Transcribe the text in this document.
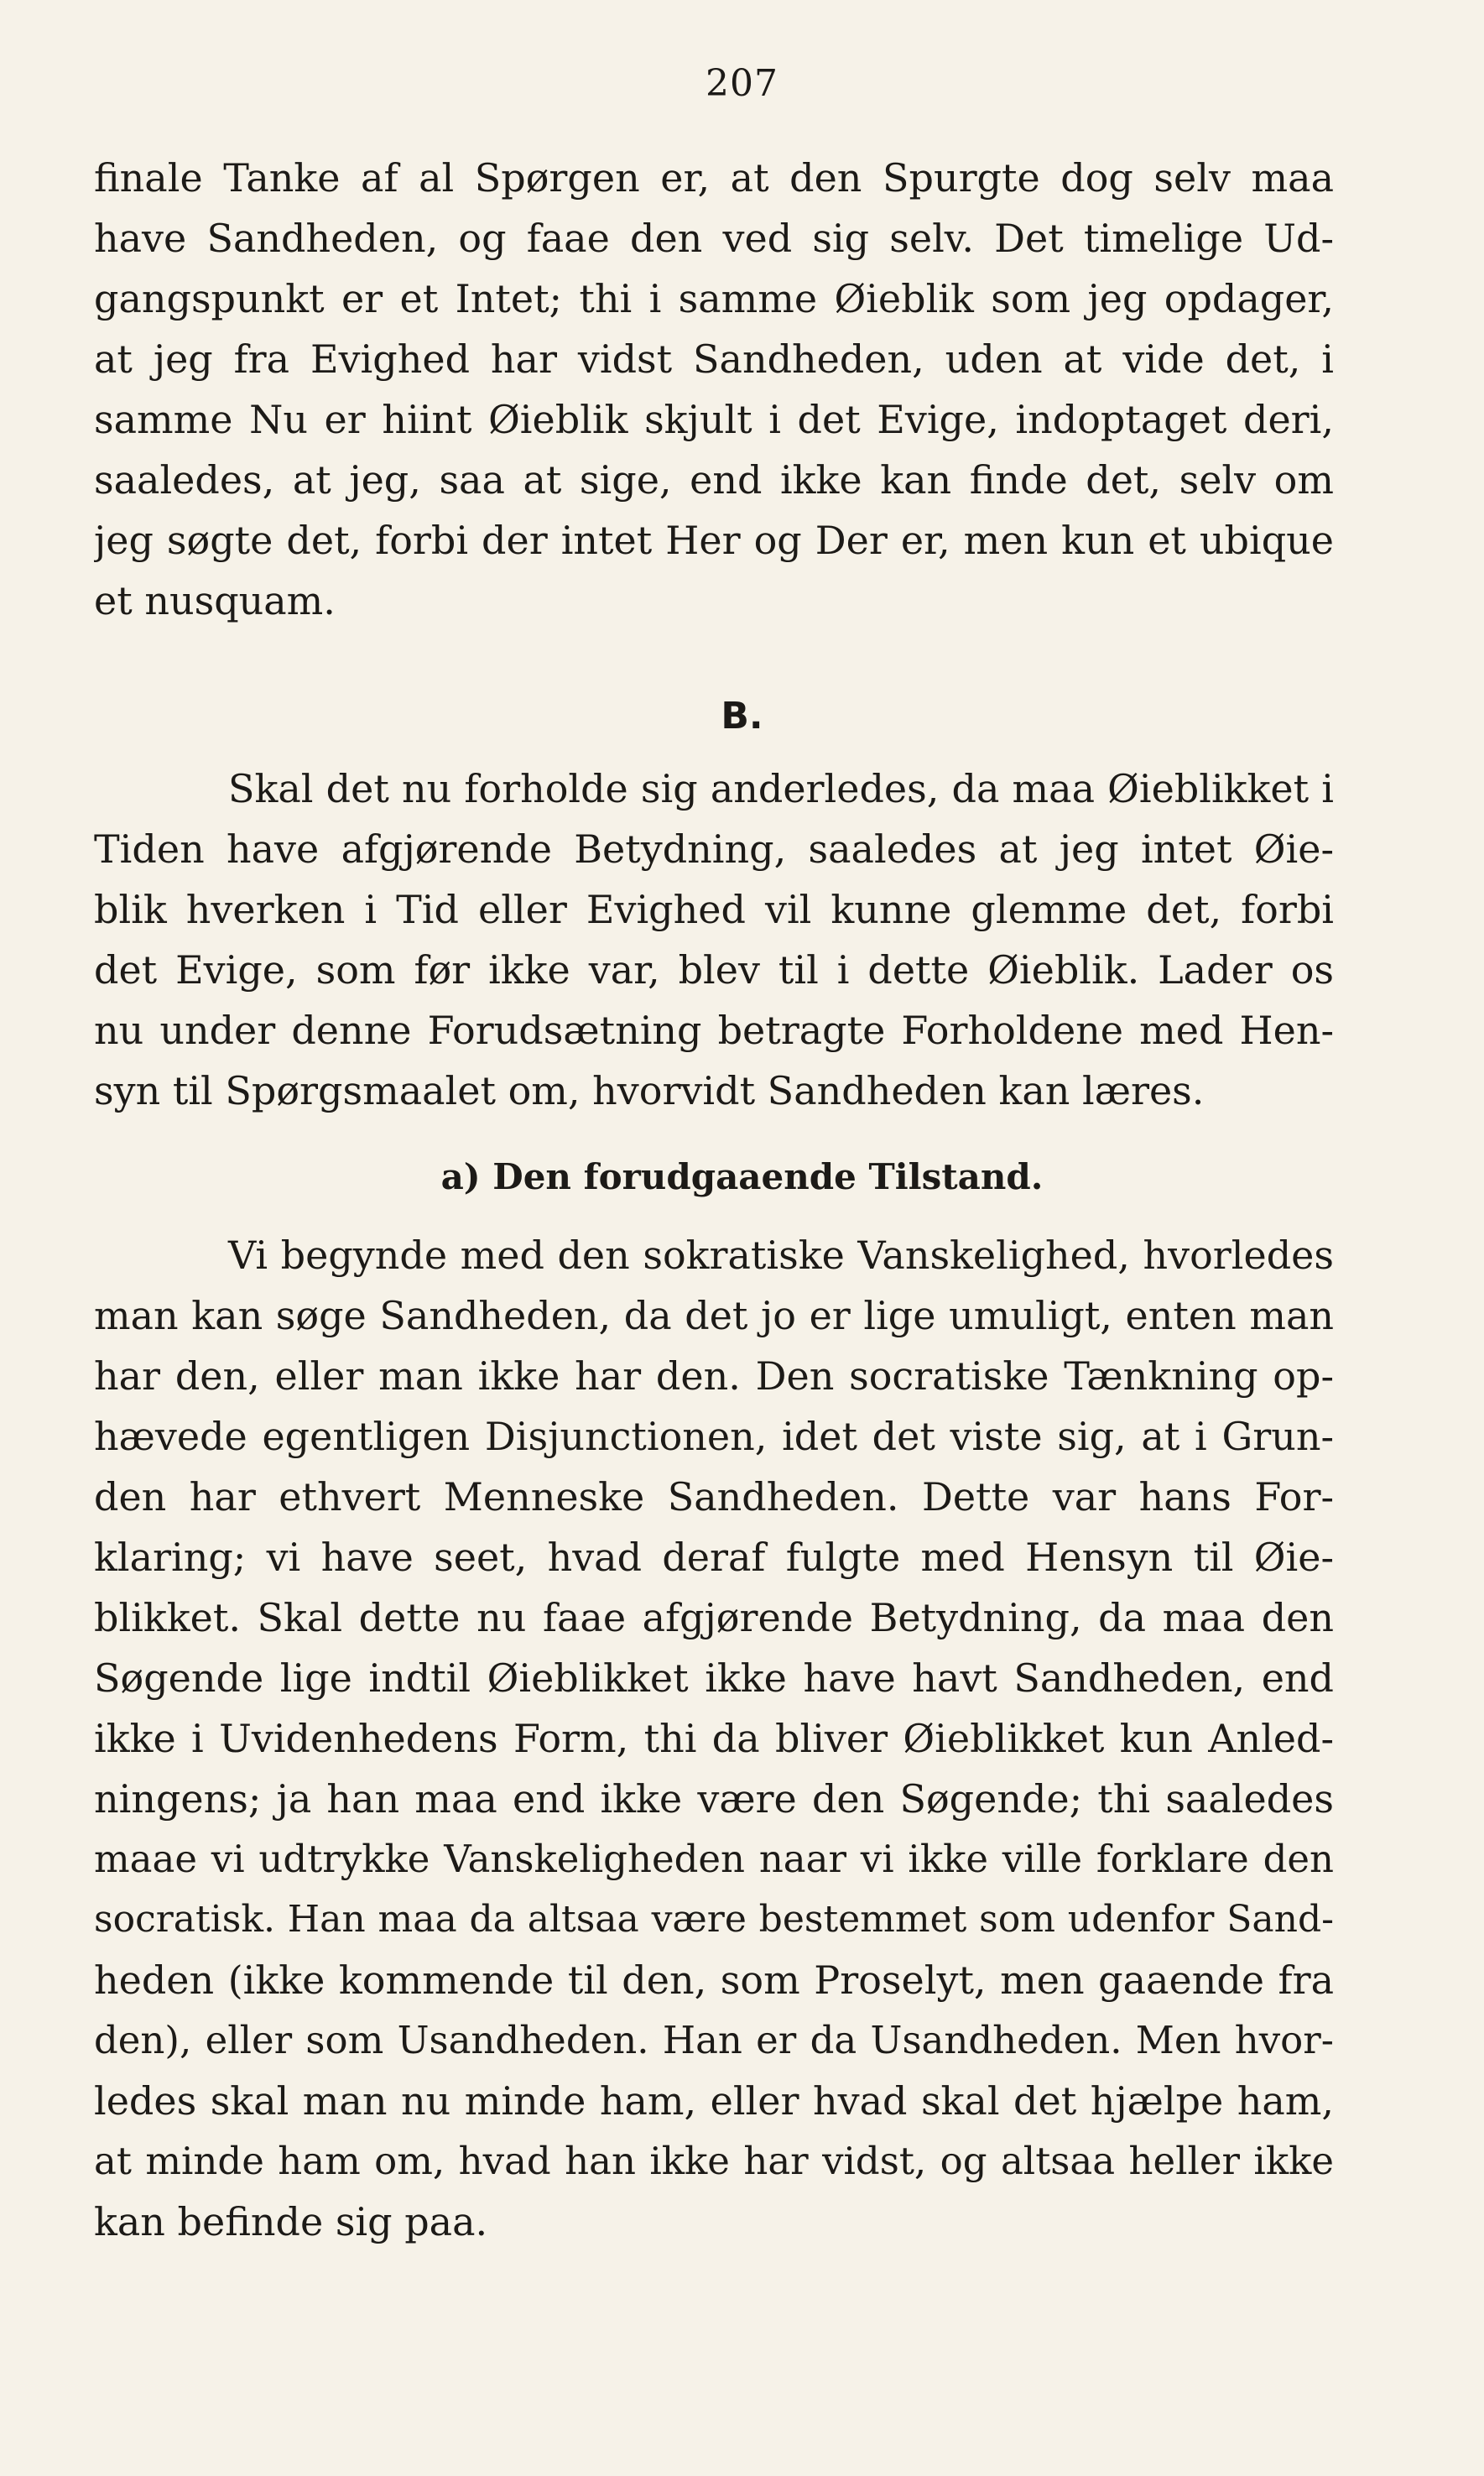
207
finale Tanke af al Spørgen er, at den Spurgte dog selv maa
have Sandheden, og faae den ved sig selv. Det timelige Ud-
gangspunkt er et Intet; thi i samme Øieblik som jeg opdager,
at jeg fra Evighed har vidst Sandheden, uden at vide det, i
samme Nu er hiint Øieblik skjult i det Evige, indoptaget deri,
saaledes, at jeg, saa at sige, end ikke kan finde det, selv om
jeg søgte det, forbi der intet Her og Der er, men kun et ubique
et nusquam.
B.
Skal det nu forholde sig anderledes, da maa Øieblikket i
Tiden have afgjørende Betydning, saaledes at jeg intet Øie-
blik hverken i Tid eller Evighed vil kunne glemme det, forbi
det Evige, som før ikke var, blev til i dette Øieblik. Lader os
nu under denne Forudsætning betragte Forholdene med Hen-
syn til Spørgsmaalet om, hvorvidt Sandheden kan læres.
a) Den forudgaaende Tilstand.
Vi begynde med den sokratiske Vanskelighed, hvorledes
man kan søge Sandheden, da det jo er lige umuligt, enten man
har den, eller man ikke har den. Den socratiske Tænkning op-
hævede egentligen Disjunctionen, idet det viste sig, at i Grun-
den har ethvert Menneske Sandheden. Dette var hans For-
klaring; vi have seet, hvad deraf fulgte med Hensyn til Øie-
blikket. Skal dette nu faae afgjørende Betydning, da maa den
Søgende lige indtil Øieblikket ikke have havt Sandheden, end
ikke i Uvidenhedens Form, thi da bliver Øieblikket kun Anled-
ningens; ja han maa end ikke være den Søgende; thi saaledes
maae vi udtrykke Vanskeligheden naar vi ikke ville forklare den
socratisk. Han maa da altsaa være bestemmet som udenfor Sand-
heden (ikke kommende til den, som Proselyt, men gaaende fra
den), eller som Usandheden. Han er da Usandheden. Men hvor-
ledes skal man nu minde ham, eller hvad skal det hjælpe ham,
at minde ham om, hvad han ikke har vidst, og altsaa heller ikke
kan befinde sig paa.
